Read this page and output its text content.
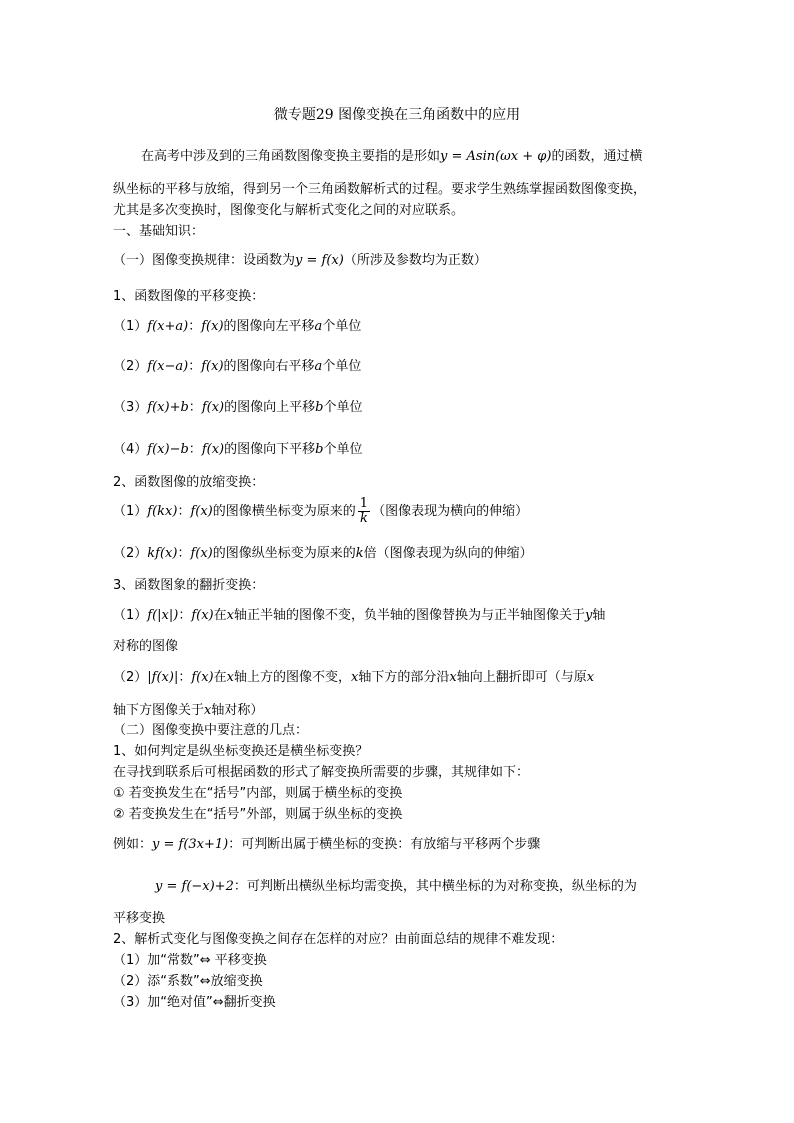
微专题29 图像变换在三角函数中的应用
在高考中涉及到的三角函数图像变换主要指的是形如y = Asin(ωx + φ)的函数，通过横
纵坐标的平移与放缩，得到另一个三角函数解析式的过程。要求学生熟练掌握函数图像变换，
尤其是多次变换时，图像变化与解析式变化之间的对应联系。
一、基础知识：
（一）图像变换规律：设函数为y = f(x)（所涉及参数均为正数）
1、函数图像的平移变换：
（1）f(x+a)：f(x)的图像向左平移a个单位
（2）f(x−a)：f(x)的图像向右平移a个单位
（3）f(x)+b：f(x)的图像向上平移b个单位
（4）f(x)−b：f(x)的图像向下平移b个单位
2、函数图像的放缩变换：
（1）f(kx)：f(x)的图像横坐标变为原来的 $\frac{1}{k}$ （图像表现为横向的伸缩）
（2）kf(x)：f(x)的图像纵坐标变为原来的k倍（图像表现为纵向的伸缩）
3、函数图象的翻折变换：
（1）f(|x|)：f(x)在x轴正半轴的图像不变，负半轴的图像替换为与正半轴图像关于y轴
对称的图像
（2）|f(x)|：f(x)在x轴上方的图像不变，x轴下方的部分沿x轴向上翻折即可（与原x
轴下方图像关于x轴对称）
（二）图像变换中要注意的几点：
1、如何判定是纵坐标变换还是横坐标变换？
在寻找到联系后可根据函数的形式了解变换所需要的步骤，其规律如下：
① 若变换发生在“括号”内部，则属于横坐标的变换
② 若变换发生在“括号”外部，则属于纵坐标的变换
例如：y = f(3x+1)：可判断出属于横坐标的变换：有放缩与平移两个步骤
y = f(−x)+2：可判断出横纵坐标均需变换，其中横坐标的为对称变换，纵坐标的为
平移变换
2、解析式变化与图像变换之间存在怎样的对应？由前面总结的规律不难发现：
（1）加“常数”⇔ 平移变换
（2）添“系数”⇔放缩变换
（3）加“绝对值”⇔翻折变换
